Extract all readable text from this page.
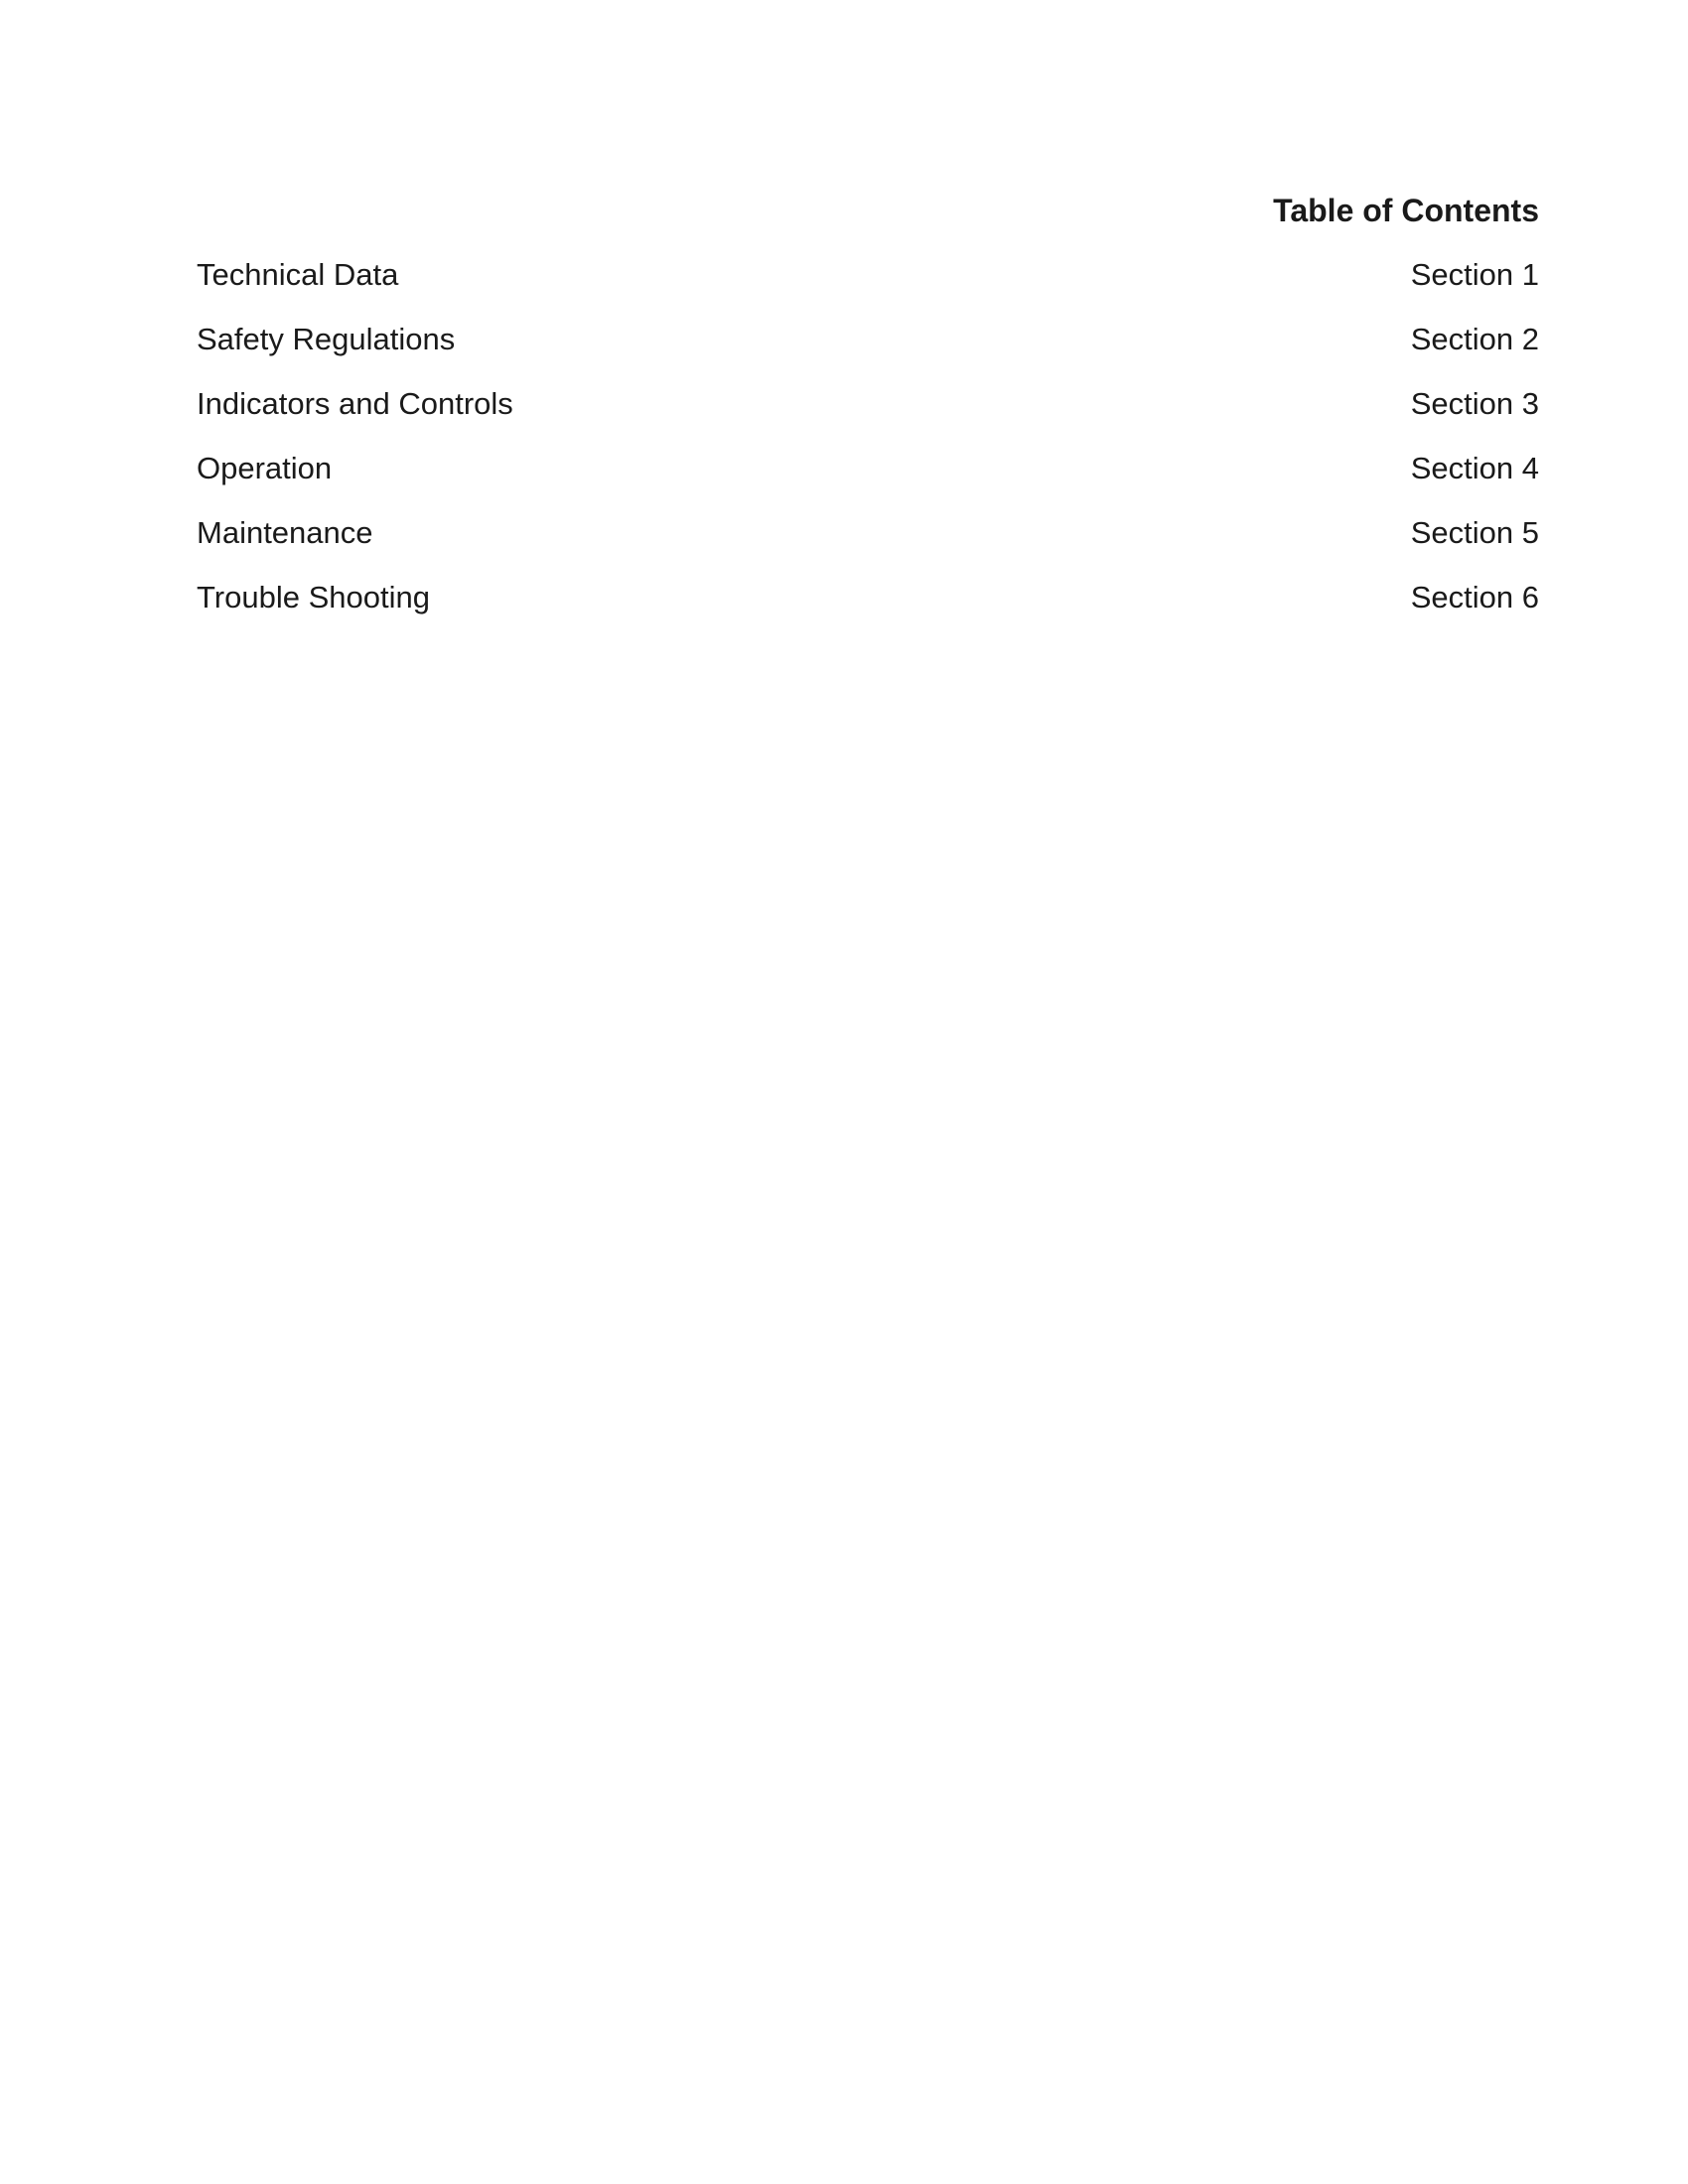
Table of Contents
Technical Data	Section 1
Safety Regulations	Section 2
Indicators and Controls	Section 3
Operation	Section 4
Maintenance	Section 5
Trouble Shooting	Section 6
